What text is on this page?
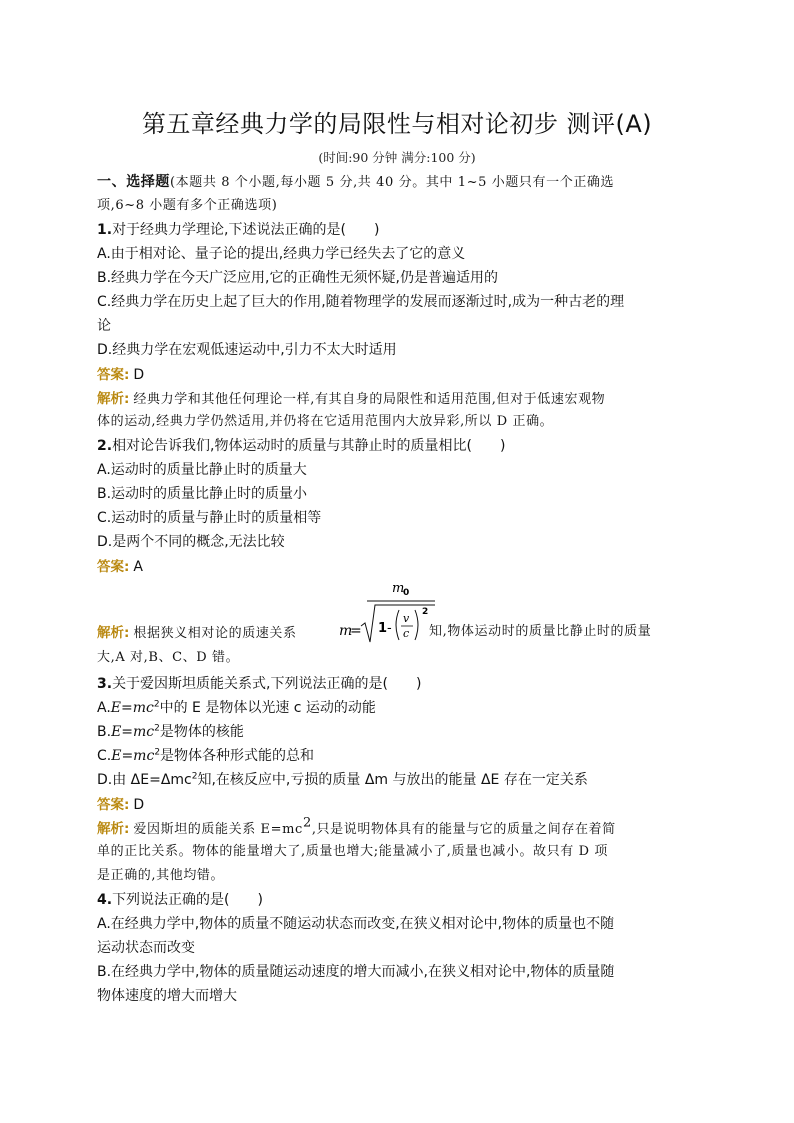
第五章经典力学的局限性与相对论初步 测评(A)
(时间:90 分钟 满分:100 分)
一、选择题(本题共 8 个小题,每小题 5 分,共 40 分。其中 1~5 小题只有一个正确选
项,6~8 小题有多个正确选项)
1.对于经典力学理论,下述说法正确的是(　　)
A.由于相对论、量子论的提出,经典力学已经失去了它的意义
B.经典力学在今天广泛应用,它的正确性无须怀疑,仍是普遍适用的
C.经典力学在历史上起了巨大的作用,随着物理学的发展而逐渐过时,成为一种古老的理
论
D.经典力学在宏观低速运动中,引力不太大时适用
答案: D
解析: 经典力学和其他任何理论一样,有其自身的局限性和适用范围,但对于低速宏观物
体的运动,经典力学仍然适用,并仍将在它适用范围内大放异彩,所以 D 正确。
2.相对论告诉我们,物体运动时的质量与其静止时的质量相比(　　)
A.运动时的质量比静止时的质量大
B.运动时的质量比静止时的质量小
C.运动时的质量与静止时的质量相等
D.是两个不同的概念,无法比较
答案: A
解析: 根据狭义相对论的质速关系	m
=
m
0
1 -
v
c
2
知,物体运动时的质量比静止时的质量
大,A 对,B、C、D 错。
3.关于爱因斯坦质能关系式,下列说法正确的是(　　)
$A.E=mc^2$中的 E 是物体以光速 c 运动的动能
$B.E=mc^2$是物体的核能
$C.E=mc^2$是物体各种形式能的总和
D.由 ΔE=Δmc$^2$知,在核反应中,亏损的质量 Δm 与放出的能量 ΔE 存在一定关系
答案: D
解析: 爱因斯坦的质能关系 $E=mc^2$,只是说明物体具有的能量与它的质量之间存在着简
单的正比关系。物体的能量增大了,质量也增大;能量减小了,质量也减小。故只有 D 项
是正确的,其他均错。
4.下列说法正确的是(　　)
A.在经典力学中,物体的质量不随运动状态而改变,在狭义相对论中,物体的质量也不随
运动状态而改变
B.在经典力学中,物体的质量随运动速度的增大而减小,在狭义相对论中,物体的质量随
物体速度的增大而增大
